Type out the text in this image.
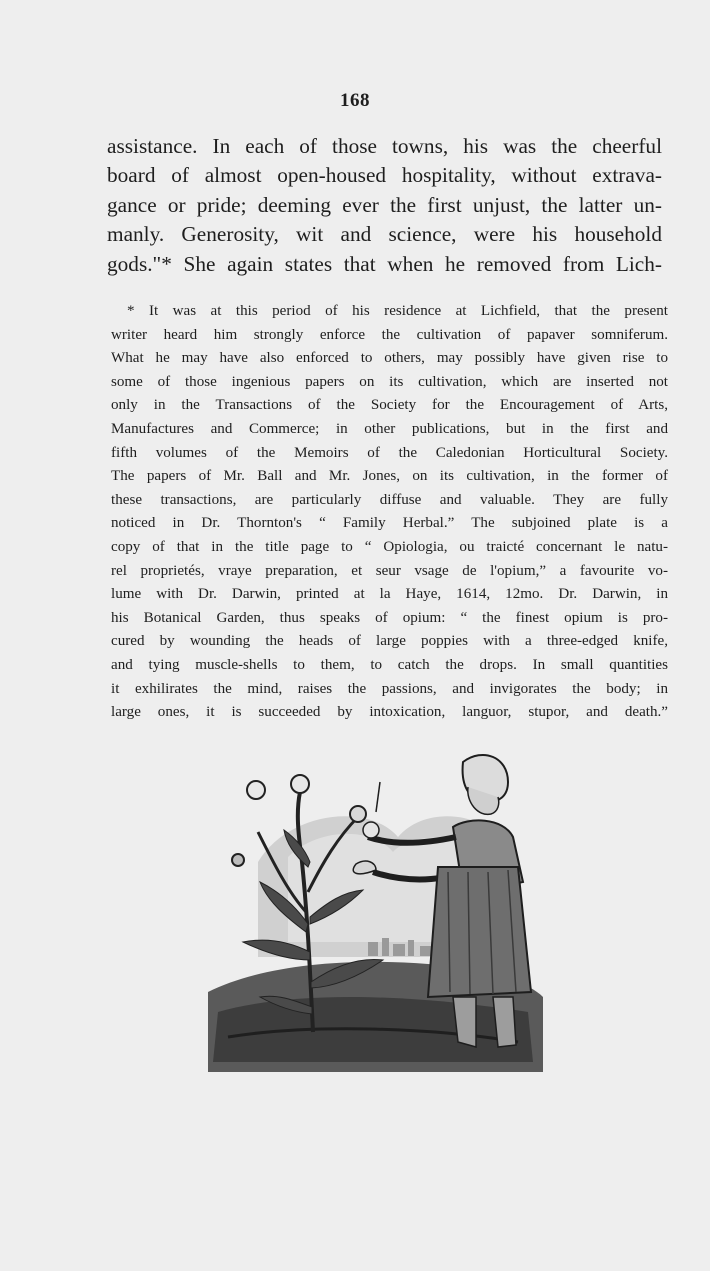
168
assistance. In each of those towns, his was the cheerful
board of almost open-housed hospitality, without extrava-
gance or pride; deeming ever the first unjust, the latter un-
manly. Generosity, wit and science, were his household
gods."* She again states that when he removed from Lich-
* It was at this period of his residence at Lichfield, that the present
writer heard him strongly enforce the cultivation of papaver somniferum.
What he may have also enforced to others, may possibly have given rise to
some of those ingenious papers on its cultivation, which are inserted not
only in the Transactions of the Society for the Encouragement of Arts,
Manufactures and Commerce; in other publications, but in the first and
fifth volumes of the Memoirs of the Caledonian Horticultural Society.
The papers of Mr. Ball and Mr. Jones, on its cultivation, in the former of
these transactions, are particularly diffuse and valuable. They are fully
noticed in Dr. Thornton's “ Family Herbal.” The subjoined plate is a
copy of that in the title page to “ Opiologia, ou traicté concernant le natu-
rel proprietés, vraye preparation, et seur vsage de l'opium,” a favourite vo-
lume with Dr. Darwin, printed at la Haye, 1614, 12mo. Dr. Darwin, in
his Botanical Garden, thus speaks of opium: “ the finest opium is pro-
cured by wounding the heads of large poppies with a three-edged knife,
and tying muscle-shells to them, to catch the drops. In small quantities
it exhilirates the mind, raises the passions, and invigorates the body; in
large ones, it is succeeded by intoxication, languor, stupor, and death.”
